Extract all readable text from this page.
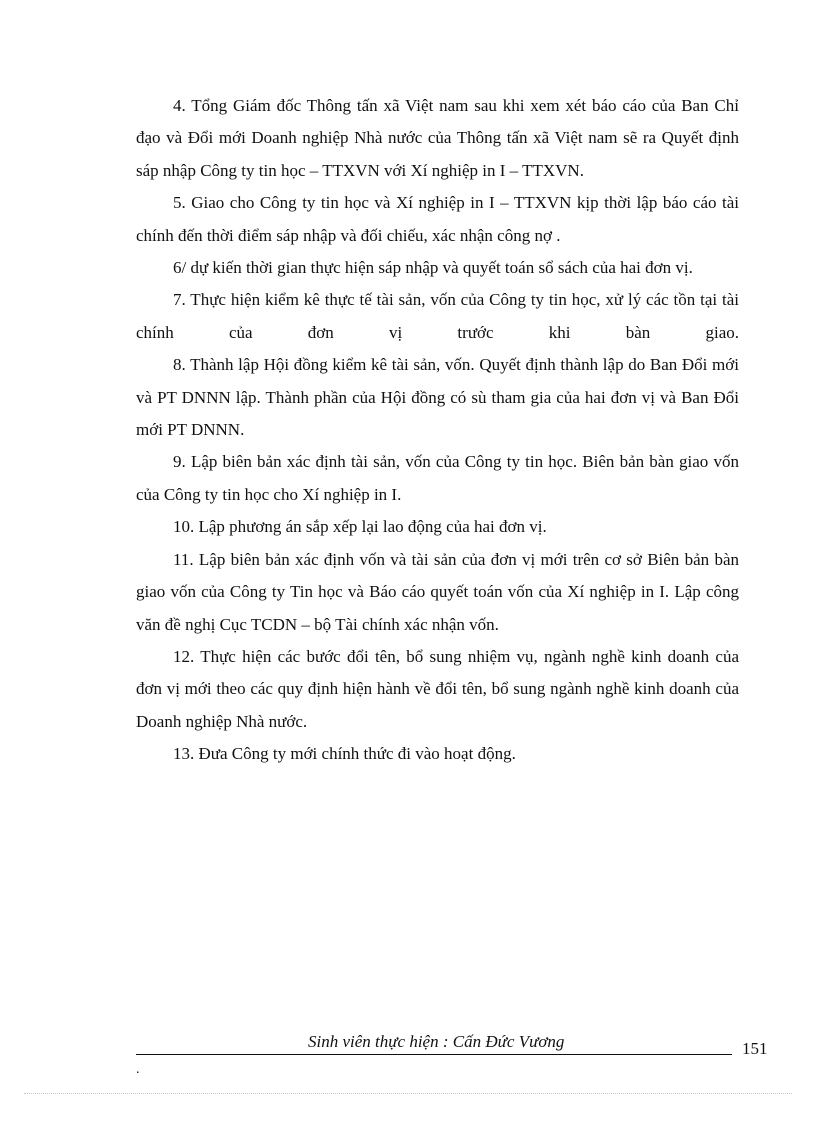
4. Tổng Giám đốc Thông tấn xã Việt nam sau khi xem xét báo cáo của Ban Chỉ đạo và Đổi mới Doanh nghiệp Nhà nước của Thông tấn xã Việt nam sẽ ra Quyết định sáp nhập Công ty tin học – TTXVN với Xí nghiệp in I – TTXVN.

5. Giao cho Công ty tin học và Xí nghiệp in I – TTXVN kịp thời lập báo cáo tài chính đến thời điểm sáp nhập và đối chiếu, xác nhận công nợ .

6/ dự kiến thời gian thực hiện sáp nhập và quyết toán sổ sách của hai đơn vị.

7. Thực hiện kiểm kê thực tế tài sản, vốn của Công ty tin học, xử lý các tồn tại tài chính của đơn vị trước khi bàn giao.

8. Thành lập Hội đồng kiểm kê tài sản, vốn. Quyết định thành lập do Ban Đổi mới và PT DNNN lập. Thành phần của Hội đồng có sù tham gia của hai đơn vị và Ban Đổi mới PT DNNN.

9. Lập biên bản xác định tài sản, vốn của Công ty tin học. Biên bản bàn giao vốn của Công ty tin học cho Xí nghiệp in I.

10. Lập phương án sắp xếp lại lao động của hai đơn vị.

11. Lập biên bản xác định vốn và tài sản của đơn vị mới trên cơ sở Biên bản bàn giao vốn của Công ty Tin học và Báo cáo quyết toán vốn của Xí nghiệp in I. Lập công văn đề nghị Cục TCDN – bộ Tài chính xác nhận vốn.

12. Thực hiện các bước đổi tên, bổ sung nhiệm vụ, ngành nghề kinh doanh của đơn vị mới theo các quy định hiện hành về đổi tên, bổ sung ngành nghề kinh doanh của Doanh nghiệp Nhà nước.

13. Đưa Công ty mới chính thức đi vào hoạt động.

Sinh viên thực hiện : Cấn Đức Vương	151
.
